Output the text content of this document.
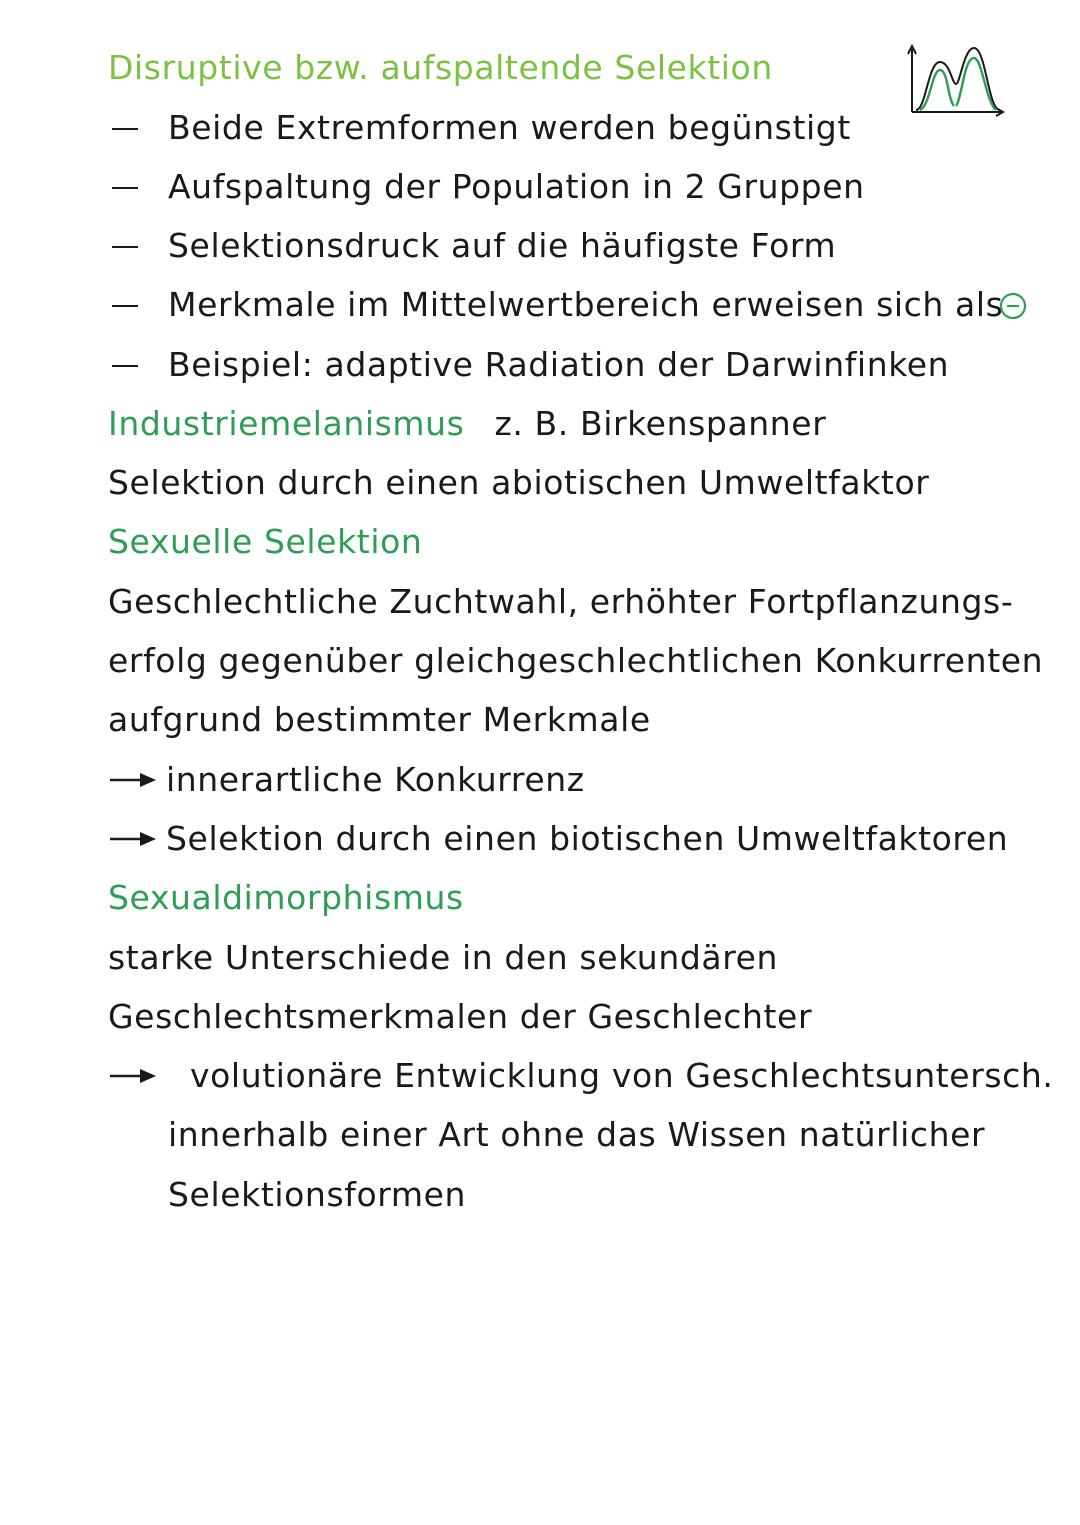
Disruptive bzw. aufspaltende Selektion
Beide Extremformen werden begünstigt
Aufspaltung der Population in 2 Gruppen
Selektionsdruck auf die häufigste Form
Merkmale im Mittelwertbereich erweisen sich als
Beispiel: adaptive Radiation der Darwinfinken
Industriemelanismus z. B. Birkenspanner
Selektion durch einen abiotischen Umweltfaktor
Sexuelle Selektion
Geschlechtliche Zuchtwahl, erhöhter Fortpflanzungs-
erfolg gegenüber gleichgeschlechtlichen Konkurrenten
aufgrund bestimmter Merkmale
innerartliche Konkurrenz
Selektion durch einen biotischen Umweltfaktoren
Sexualdimorphismus
starke Unterschiede in den sekundären
Geschlechtsmerkmalen der Geschlechter
volutionäre Entwicklung von Geschlechtsuntersch.
innerhalb einer Art ohne das Wissen natürlicher
Selektionsformen
